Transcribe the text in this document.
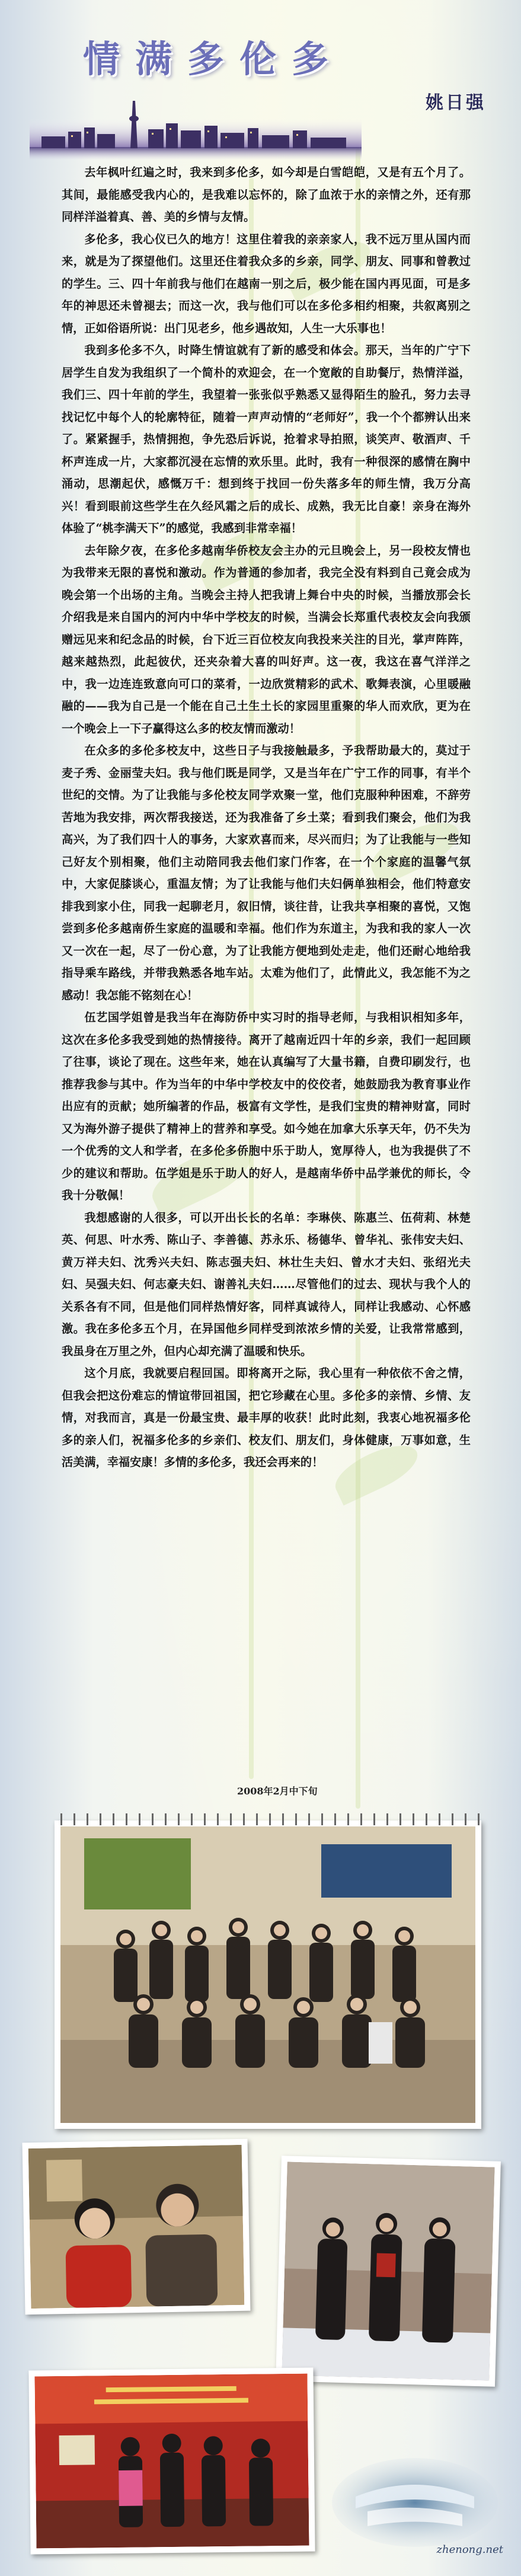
情满多伦多
姚日强

去年枫叶红遍之时，我来到多伦多，如今却是白雪皑皑，又是有五个月了。其间，最能感受我内心的，是我难以忘怀的，除了血浓于水的亲情之外，还有那同样洋溢着真、善、美的乡情与友情。

多伦多，我心仪已久的地方！这里住着我的亲亲家人，我不远万里从国内而来，就是为了探望他们。这里还住着我众多的乡亲，同学、朋友、同事和曾教过的学生。三、四十年前我与他们在越南一别之后，极少能在国内再见面，可是多年的神思还未曾褪去；而这一次，我与他们可以在多伦多相约相聚，共叙离别之情，正如俗语所说：出门见老乡，他乡遇故知，人生一大乐事也！

我到多伦多不久，时降生情谊就有了新的感受和体会。那天，当年的广宁下居学生自发为我组织了一个简朴的欢迎会，在一个宽敞的自助餐厅，热情洋溢，我们三、四十年前的学生，我望着一张张似乎熟悉又显得陌生的脸孔，努力去寻找记忆中每个人的轮廓特征，随着一声声动情的“老师好”，我一个个都辨认出来了。紧紧握手，热情拥抱，争先恐后诉说，抢着求导拍照，谈笑声、敬酒声、千杯声连成一片，大家都沉浸在忘情的欢乐里。此时，我有一种很深的感情在胸中涌动，思潮起伏，感慨万千：想到终于找回一份失落多年的师生情，我万分高兴！看到眼前这些学生在久经风霜之后的成长、成熟，我无比自豪！亲身在海外体验了“桃李满天下”的感觉，我感到非常幸福！

去年除夕夜，在多伦多越南华侨校友会主办的元旦晚会上，另一段校友情也为我带来无限的喜悦和激动。作为普通的参加者，我完全没有料到自己竟会成为晚会第一个出场的主角。当晚会主持人把我请上舞台中央的时候，当播放那会长介绍我是来自国内的河内中华中学校友的时候，当满会长郑重代表校友会向我颁赠远见来和纪念品的时候，台下近三百位校友向我投来关注的目光，掌声阵阵，越来越热烈，此起彼伏，还夹杂着大喜的叫好声。这一夜，我这在喜气洋洋之中，我一边连连致意向可口的菜肴，一边欣赏精彩的武术、歌舞表演，心里暖融融的——我为自己是一个能在自己土生土长的家园里重聚的华人而欢欣，更为在一个晚会上一下子赢得这么多的校友情而激动！

在众多的多伦多校友中，这些日子与我接触最多，予我帮助最大的，莫过于麦子秀、金丽莹夫妇。我与他们既是同学，又是当年在广宁工作的同事，有半个世纪的交情。为了让我能与多伦校友同学欢聚一堂，他们克服种种困难，不辞劳苦地为我安排，两次帮我接送，还为我准备了乡土菜；看到我们聚会，他们为我高兴，为了我们四十人的事务，大家欢喜而来，尽兴而归；为了让我能与一些知己好友个别相聚，他们主动陪同我去他们家门作客，在一个个家庭的温馨气氛中，大家促膝谈心，重温友情；为了让我能与他们夫妇俩单独相会，他们特意安排我到家小住，同我一起聊老月，叙旧情，谈往昔，让我共享相聚的喜悦，又饱尝到多伦多越南侨生家庭的温暖和幸福。他们作为东道主，为我和我的家人一次又一次在一起，尽了一份心意，为了让我能方便地到处走走，他们还耐心地给我指导乘车路线，并带我熟悉各地车站。太难为他们了，此情此义，我怎能不为之感动！我怎能不铭刻在心！

伍艺国学姐曾是我当年在海防侨中实习时的指导老师，与我相识相知多年，这次在多伦多我受到她的热情接待。离开了越南近四十年的乡亲，我们一起回顾了往事，谈论了现在。这些年来，她在认真编写了大量书籍，自费印刷发行，也推荐我参与其中。作为当年的中华中学校友中的佼佼者，她鼓励我为教育事业作出应有的贡献；她所编著的作品，极富有文学性，是我们宝贵的精神财富，同时又为海外游子提供了精神上的营养和享受。如今她在加拿大乐享天年，仍不失为一个优秀的文人和学者，在多伦多侨胞中乐于助人，宽厚待人，也为我提供了不少的建议和帮助。伍学姐是乐于助人的好人，是越南华侨中品学兼优的师长，令我十分敬佩！

我想感谢的人很多，可以开出长长的名单：李琳侠、陈惠兰、伍荷莉、林楚英、何思、叶水秀、陈山子、李善德、苏永乐、杨德华、曾华礼、张伟安夫妇、黄万祥夫妇、沈秀兴夫妇、陈志强夫妇、林壮生夫妇、曾水才夫妇、张绍光夫妇、吴强夫妇、何志豪夫妇、谢善礼夫妇……尽管他们的过去、现状与我个人的关系各有不同，但是他们同样热情好客，同样真诚待人，同样让我感动、心怀感激。我在多伦多五个月，在异国他乡同样受到浓浓乡情的关爱，让我常常感到，我虽身在万里之外，但内心却充满了温暖和快乐。

这个月底，我就要启程回国。即将离开之际，我心里有一种依依不舍之情，但我会把这份难忘的情谊带回祖国，把它珍藏在心里。多伦多的亲情、乡情、友情，对我而言，真是一份最宝贵、最丰厚的收获！此时此刻，我衷心地祝福多伦多的亲人们，祝福多伦多的乡亲们、校友们、朋友们，身体健康，万事如意，生活美满，幸福安康！多情的多伦多，我还会再来的！

2008年2月中下旬
zhenong.net
